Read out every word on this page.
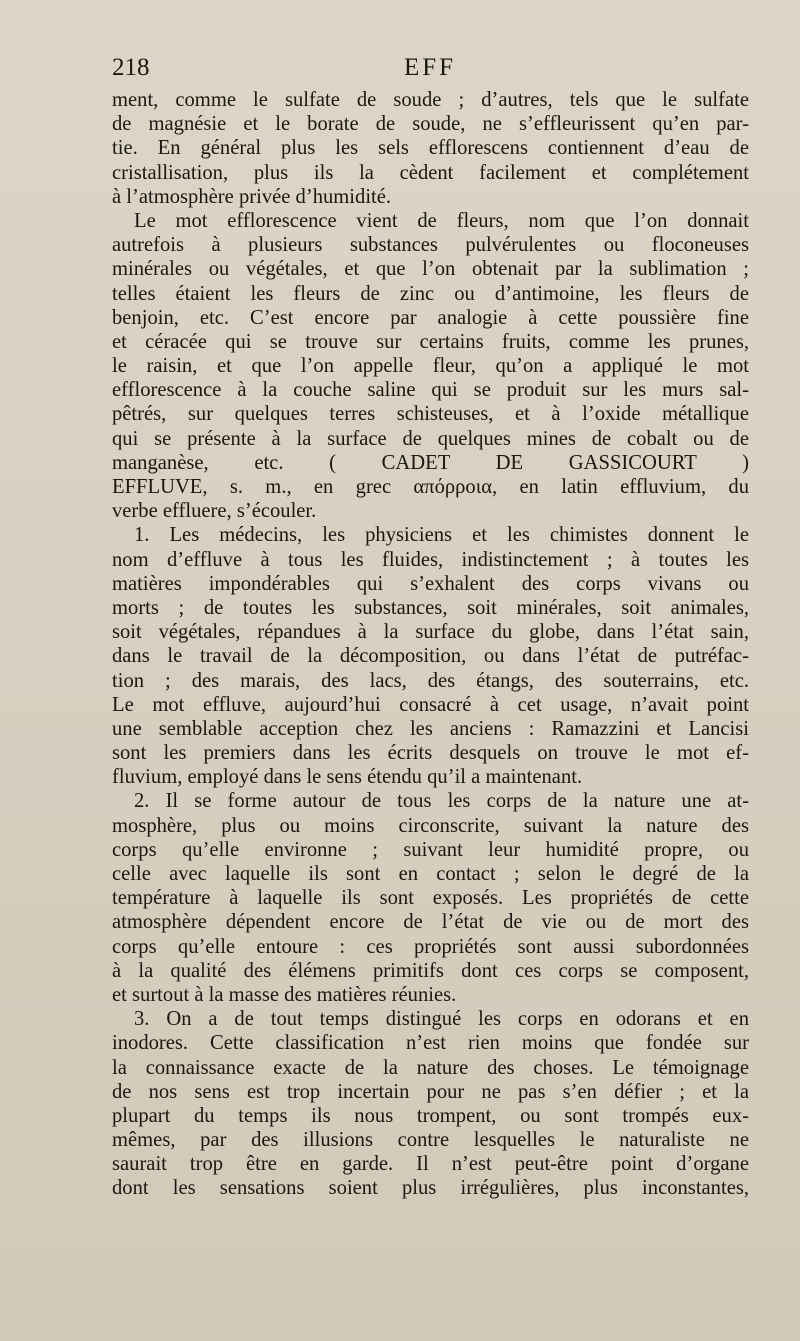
218	EFF
ment, comme le sulfate de soude ; d’autres, tels que le sulfate
de magnésie et le borate de soude, ne s’effleurissent qu’en par-
tie. En général plus les sels efflorescens contiennent d’eau de
cristallisation, plus ils la cèdent facilement et complétement
à l’atmosphère privée d’humidité.
Le mot efflorescence vient de fleurs, nom que l’on donnait
autrefois à plusieurs substances pulvérulentes ou floconeuses
minérales ou végétales, et que l’on obtenait par la sublimation ;
telles étaient les fleurs de zinc ou d’antimoine, les fleurs de
benjoin, etc. C’est encore par analogie à cette poussière fine
et céracée qui se trouve sur certains fruits, comme les prunes,
le raisin, et que l’on appelle fleur, qu’on a appliqué le mot
efflorescence à la couche saline qui se produit sur les murs sal-
pêtrés, sur quelques terres schisteuses, et à l’oxide métallique
qui se présente à la surface de quelques mines de cobalt ou de
manganèse, etc. ( CADET DE GASSICOURT )
EFFLUVE, s. m., en grec απόρροια, en latin effluvium, du
verbe effluere, s’écouler.
1. Les médecins, les physiciens et les chimistes donnent le
nom d’effluve à tous les fluides, indistinctement ; à toutes les
matières impondérables qui s’exhalent des corps vivans ou
morts ; de toutes les substances, soit minérales, soit animales,
soit végétales, répandues à la surface du globe, dans l’état sain,
dans le travail de la décomposition, ou dans l’état de putréfac-
tion ; des marais, des lacs, des étangs, des souterrains, etc.
Le mot effluve, aujourd’hui consacré à cet usage, n’avait point
une semblable acception chez les anciens : Ramazzini et Lancisi
sont les premiers dans les écrits desquels on trouve le mot ef-
fluvium, employé dans le sens étendu qu’il a maintenant.
2. Il se forme autour de tous les corps de la nature une at-
mosphère, plus ou moins circonscrite, suivant la nature des
corps qu’elle environne ; suivant leur humidité propre, ou
celle avec laquelle ils sont en contact ; selon le degré de la
température à laquelle ils sont exposés. Les propriétés de cette
atmosphère dépendent encore de l’état de vie ou de mort des
corps qu’elle entoure : ces propriétés sont aussi subordonnées
à la qualité des élémens primitifs dont ces corps se composent,
et surtout à la masse des matières réunies.
3. On a de tout temps distingué les corps en odorans et en
inodores. Cette classification n’est rien moins que fondée sur
la connaissance exacte de la nature des choses. Le témoignage
de nos sens est trop incertain pour ne pas s’en défier ; et la
plupart du temps ils nous trompent, ou sont trompés eux-
mêmes, par des illusions contre lesquelles le naturaliste ne
saurait trop être en garde. Il n’est peut-être point d’organe
dont les sensations soient plus irrégulières, plus inconstantes,
